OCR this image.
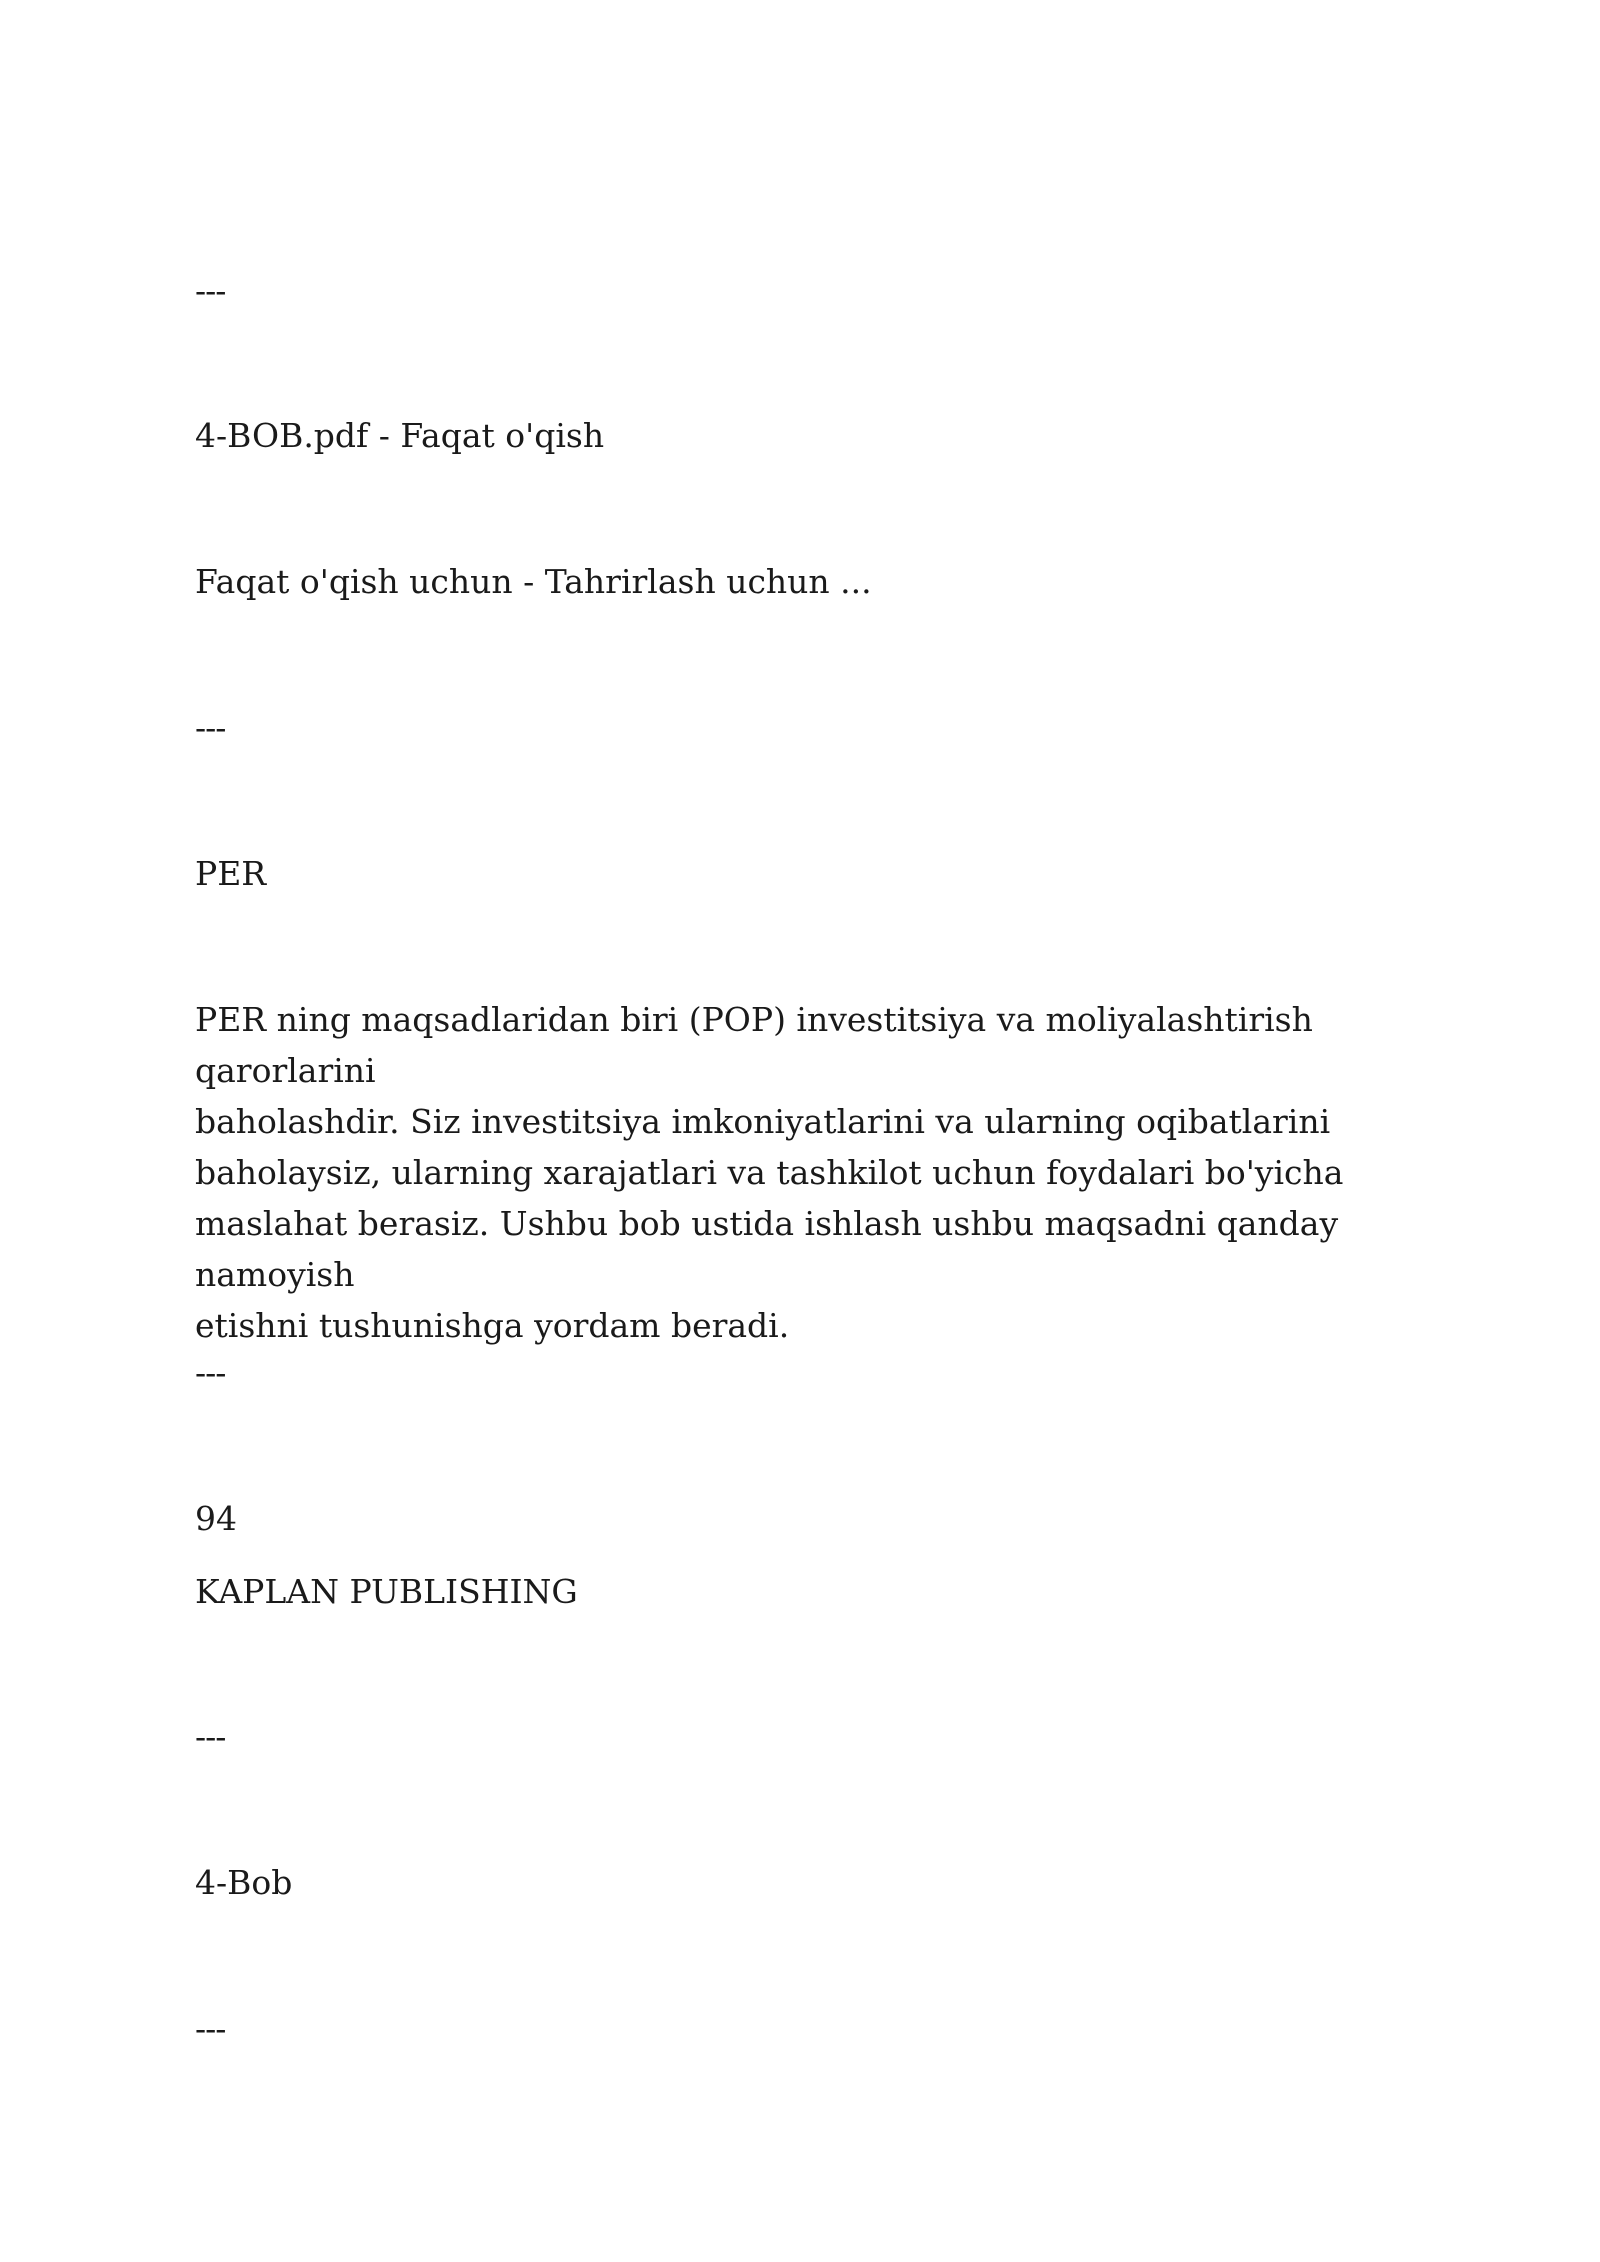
---
4-BOB.pdf - Faqat o'qish
Faqat o'qish uchun - Tahrirlash uchun ...
---
PER
PER ning maqsadlaridan biri (POP) investitsiya va moliyalashtirish qarorlarini
baholashdir. Siz investitsiya imkoniyatlarini va ularning oqibatlarini
baholaysiz, ularning xarajatlari va tashkilot uchun foydalari bo'yicha
maslahat berasiz. Ushbu bob ustida ishlash ushbu maqsadni qanday namoyish
etishni tushunishga yordam beradi.
---
94
KAPLAN PUBLISHING
---
4-Bob
---
